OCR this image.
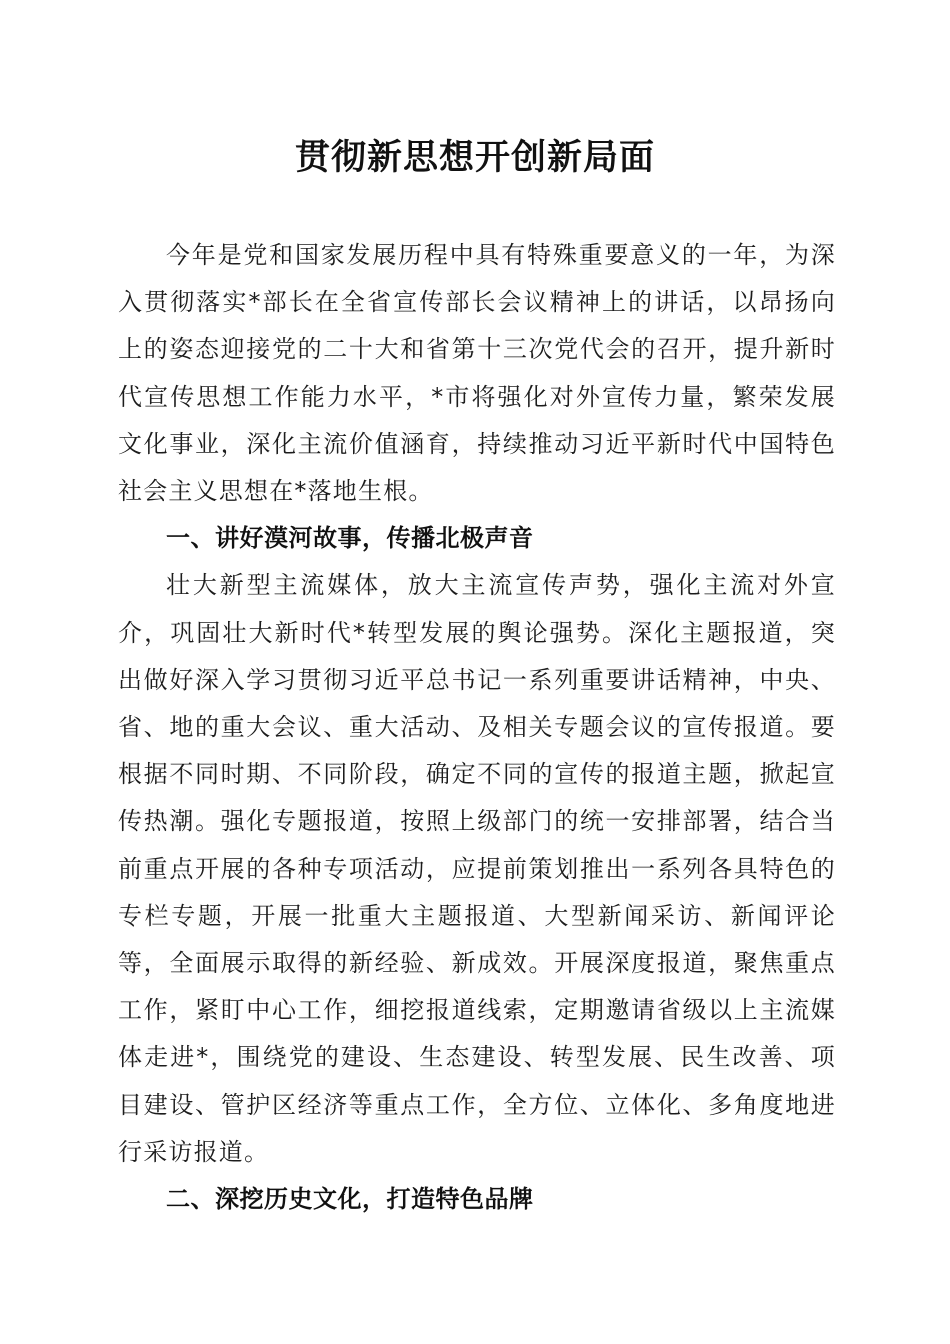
贯彻新思想开创新局面

今年是党和国家发展历程中具有特殊重要意义的一年，为深入贯彻落实*部长在全省宣传部长会议精神上的讲话，以昂扬向上的姿态迎接党的二十大和省第十三次党代会的召开，提升新时代宣传思想工作能力水平，*市将强化对外宣传力量，繁荣发展文化事业，深化主流价值涵育，持续推动习近平新时代中国特色社会主义思想在*落地生根。

一、讲好漠河故事，传播北极声音

壮大新型主流媒体，放大主流宣传声势，强化主流对外宣介，巩固壮大新时代*转型发展的舆论强势。深化主题报道，突出做好深入学习贯彻习近平总书记一系列重要讲话精神，中央、省、地的重大会议、重大活动、及相关专题会议的宣传报道。要根据不同时期、不同阶段，确定不同的宣传的报道主题，掀起宣传热潮。强化专题报道，按照上级部门的统一安排部署，结合当前重点开展的各种专项活动，应提前策划推出一系列各具特色的专栏专题，开展一批重大主题报道、大型新闻采访、新闻评论等，全面展示取得的新经验、新成效。开展深度报道，聚焦重点工作，紧盯中心工作，细挖报道线索，定期邀请省级以上主流媒体走进*，围绕党的建设、生态建设、转型发展、民生改善、项目建设、管护区经济等重点工作，全方位、立体化、多角度地进行采访报道。

二、深挖历史文化，打造特色品牌
